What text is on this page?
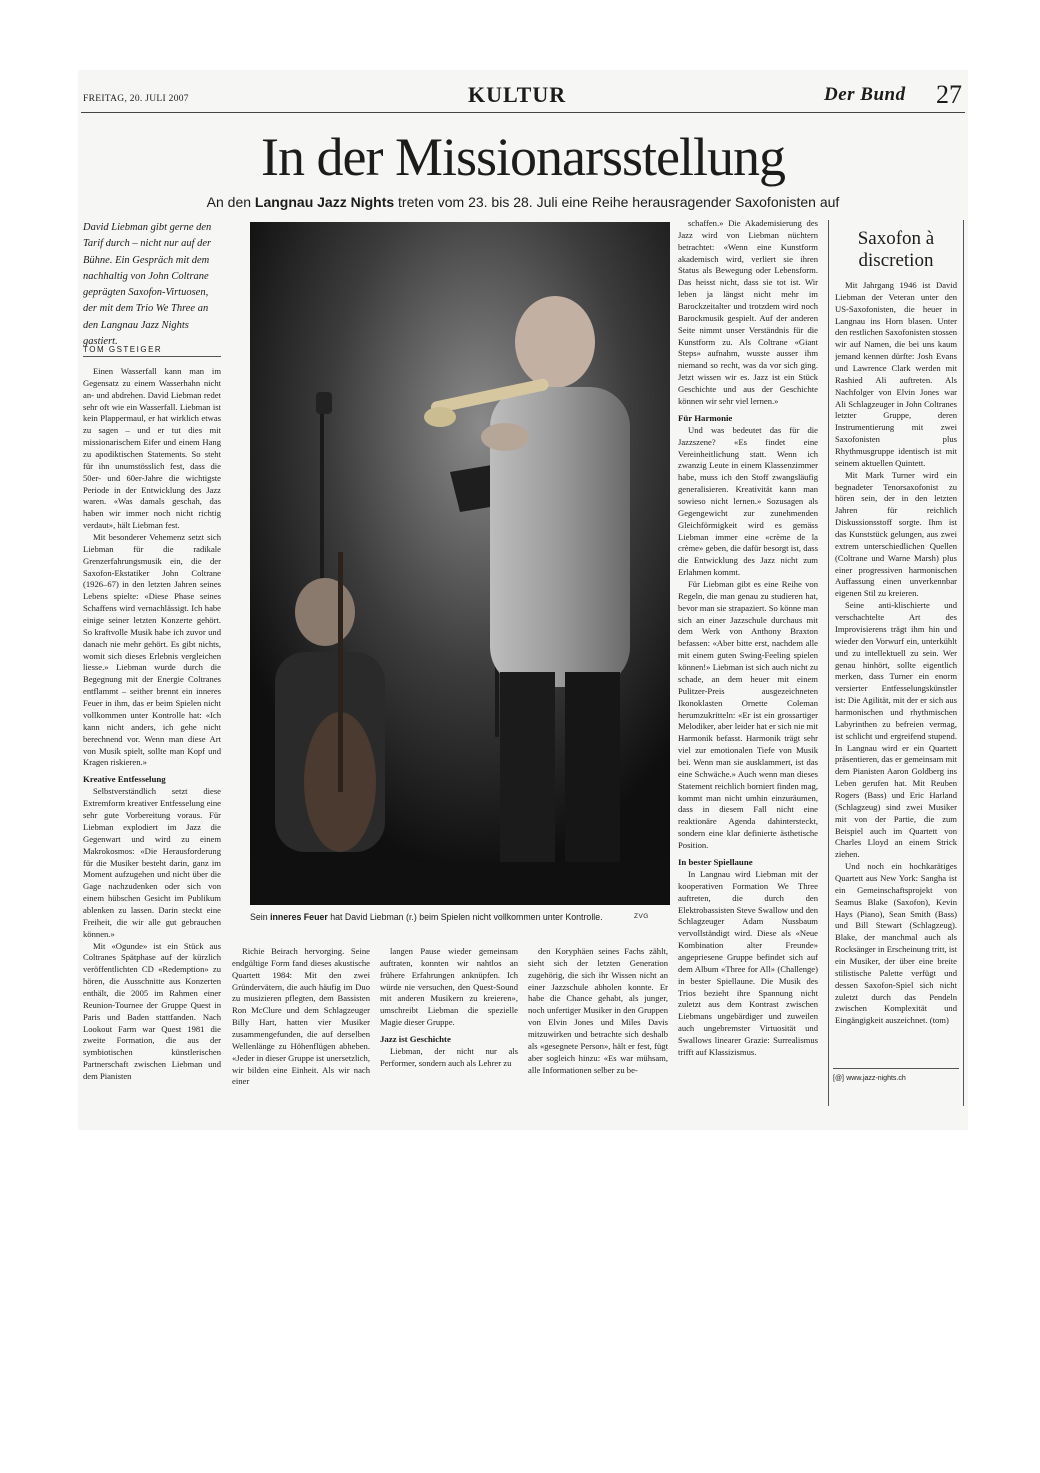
FREITAG, 20. JULI 2007	KULTUR	Der Bund 27
In der Missionarsstellung
An den Langnau Jazz Nights treten vom 23. bis 28. Juli eine Reihe herausragender Saxofonisten auf
David Liebman gibt gerne den Tarif durch – nicht nur auf der Bühne. Ein Gespräch mit dem nachhaltig von John Coltrane geprägten Saxofon-Virtuosen, der mit dem Trio We Three an den Langnau Jazz Nights gastiert.
TOM GSTEIGER

Einen Wasserfall kann man im Gegensatz zu einem Wasserhahn nicht an- und abdrehen. David Liebman redet sehr oft wie ein Wasserfall. Liebman ist kein Plappermaul, er hat wirklich etwas zu sagen – und er tut dies mit missionarischem Eifer und einem Hang zu apodiktischen Statements. So steht für ihn unumstösslich fest, dass die 50er- und 60er-Jahre die wichtigste Periode in der Entwicklung des Jazz waren. «Was damals geschah, das haben wir immer noch nicht richtig verdaut», hält Liebman fest.

Mit besonderer Vehemenz setzt sich Liebman für die radikale Grenzerfahrungsmusik ein, die der Saxofon-Ekstatiker John Coltrane (1926–67) in den letzten Jahren seines Lebens spielte: «Diese Phase seines Schaffens wird vernachlässigt. Ich habe einige seiner letzten Konzerte gehört. So kraftvolle Musik habe ich zuvor und danach nie mehr gehört. Es gibt nichts, womit sich dieses Erlebnis vergleichen liesse.» Liebman wurde durch die Begegnung mit der Energie Coltranes entflammt – seither brennt ein inneres Feuer in ihm, das er beim Spielen nicht vollkommen unter Kontrolle hat: «Ich kann nicht anders, ich gehe nicht berechnend vor. Wenn man diese Art von Musik spielt, sollte man Kopf und Kragen riskieren.»

Kreative Entfesselung

Selbstverständlich setzt diese Extremform kreativer Entfesselung eine sehr gute Vorbereitung voraus. Für Liebman explodiert im Jazz die Gegenwart und wird zu einem Makrokosmos: «Die Herausforderung für die Musiker besteht darin, ganz im Moment aufzugehen und nicht über die Gage nachzudenken oder sich von einem hübschen Gesicht im Publikum ablenken zu lassen. Darin steckt eine Freiheit, die wir alle gut gebrauchen können.»

Mit «Ogunde» ist ein Stück aus Coltranes Spätphase auf der kürzlich veröffentlichten CD «Redemption» zu hören, die Ausschnitte aus Konzerten enthält, die 2005 im Rahmen einer Reunion-Tournee der Gruppe Quest in Paris und Baden stattfanden. Nach Lookout Farm war Quest 1981 die zweite Formation, die aus der symbiotischen künstlerischen Partnerschaft zwischen Liebman und dem Pianisten

Sein inneres Feuer hat David Liebman (r.) beim Spielen nicht vollkommen unter Kontrolle.	ZVG

Richie Beirach hervorging. Seine endgültige Form fand dieses akustische Quartett 1984: Mit den zwei Gründervätern, die auch häufig im Duo zu musizieren pflegten, dem Bassisten Ron McClure und dem Schlagzeuger Billy Hart, hatten vier Musiker zusammengefunden, die auf derselben Wellenlänge zu Höhenflügen abheben. «Jeder in dieser Gruppe ist unersetzlich, wir bilden eine Einheit. Als wir nach einer

langen Pause wieder gemeinsam auftraten, konnten wir nahtlos an frühere Erfahrungen anknüpfen. Ich würde nie versuchen, den Quest-Sound mit anderen Musikern zu kreieren», umschreibt Liebman die spezielle Magie dieser Gruppe.

Jazz ist Geschichte

Liebman, der nicht nur als Performer, sondern auch als Lehrer zu

den Koryphäen seines Fachs zählt, sieht sich der letzten Generation zugehörig, die sich ihr Wissen nicht an einer Jazzschule abholen konnte. Er habe die Chance gehabt, als junger, noch unfertiger Musiker in den Gruppen von Elvin Jones und Miles Davis mitzuwirken und betrachte sich deshalb als «gesegnete Person», hält er fest, fügt aber sogleich hinzu: «Es war mühsam, alle Informationen selber zu be-

schaffen.» Die Akademisierung des Jazz wird von Liebman nüchtern betrachtet: «Wenn eine Kunstform akademisch wird, verliert sie ihren Status als Bewegung oder Lebensform. Das heisst nicht, dass sie tot ist. Wir leben ja längst nicht mehr im Barockzeitalter und trotzdem wird noch Barockmusik gespielt. Auf der anderen Seite nimmt unser Verständnis für die Kunstform zu. Als Coltrane «Giant Steps» aufnahm, wusste ausser ihm niemand so recht, was da vor sich ging. Jetzt wissen wir es. Jazz ist ein Stück Geschichte und aus der Geschichte können wir sehr viel lernen.»

Für Harmonie

Und was bedeutet das für die Jazzszene? «Es findet eine Vereinheitlichung statt. Wenn ich zwanzig Leute in einem Klassenzimmer habe, muss ich den Stoff zwangsläufig generalisieren. Kreativität kann man sowieso nicht lernen.» Sozusagen als Gegengewicht zur zunehmenden Gleichförmigkeit wird es gemäss Liebman immer eine «crème de la crème» geben, die dafür besorgt ist, dass die Entwicklung des Jazz nicht zum Erlahmen kommt.

Für Liebman gibt es eine Reihe von Regeln, die man genau zu studieren hat, bevor man sie strapaziert. So könne man sich an einer Jazzschule durchaus mit dem Werk von Anthony Braxton befassen: «Aber bitte erst, nachdem alle mit einem guten Swing-Feeling spielen können!» Liebman ist sich auch nicht zu schade, an dem heuer mit einem Pulitzer-Preis ausgezeichneten Ikonoklasten Ornette Coleman herumzukritteln: «Er ist ein grossartiger Melodiker, aber leider hat er sich nie mit Harmonik befasst. Harmonik trägt sehr viel zur emotionalen Tiefe von Musik bei. Wenn man sie ausklammert, ist das eine Schwäche.» Auch wenn man dieses Statement reichlich borniert finden mag, kommt man nicht umhin einzuräumen, dass in diesem Fall nicht eine reaktionäre Agenda dahintersteckt, sondern eine klar definierte ästhetische Position.

In bester Spiellaune

In Langnau wird Liebman mit der kooperativen Formation We Three auftreten, die durch den Elektrobassisten Steve Swallow und den Schlagzeuger Adam Nussbaum vervollständigt wird. Diese als «Neue Kombination alter Freunde» angepriesene Gruppe befindet sich auf dem Album «Three for All» (Challenge) in bester Spiellaune. Die Musik des Trios bezieht ihre Spannung nicht zuletzt aus dem Kontrast zwischen Liebmans ungebärdiger und zuweilen auch ungebremster Virtuosität und Swallows linearer Grazie: Surrealismus trifft auf Klassizismus.

Saxofon à discretion

Mit Jahrgang 1946 ist David Liebman der Veteran unter den US-Saxofonisten, die heuer in Langnau ins Horn blasen. Unter den restlichen Saxofonisten stossen wir auf Namen, die bei uns kaum jemand kennen dürfte: Josh Evans und Lawrence Clark werden mit Rashied Ali auftreten. Als Nachfolger von Elvin Jones war Ali Schlagzeuger in John Coltranes letzter Gruppe, deren Instrumentierung mit zwei Saxofonisten plus Rhythmusgruppe identisch ist mit seinem aktuellen Quintett.

Mit Mark Turner wird ein begnadeter Tenorsaxofonist zu hören sein, der in den letzten Jahren für reichlich Diskussionsstoff sorgte. Ihm ist das Kunststück gelungen, aus zwei extrem unterschiedlichen Quellen (Coltrane und Warne Marsh) plus einer progressiven harmonischen Auffassung einen unverkennbar eigenen Stil zu kreieren.

Seine anti-klischierte und verschachtelte Art des Improvisierens trägt ihm hin und wieder den Vorwurf ein, unterkühlt und zu intellektuell zu sein. Wer genau hinhört, sollte eigentlich merken, dass Turner ein enorm versierter Entfesselungskünstler ist: Die Agilität, mit der er sich aus harmonischen und rhythmischen Labyrinthen zu befreien vermag, ist schlicht und ergreifend stupend. In Langnau wird er ein Quartett präsentieren, das er gemeinsam mit dem Pianisten Aaron Goldberg ins Leben gerufen hat. Mit Reuben Rogers (Bass) und Eric Harland (Schlagzeug) sind zwei Musiker mit von der Partie, die zum Beispiel auch im Quartett von Charles Lloyd an einem Strick ziehen.

Und noch ein hochkarätiges Quartett aus New York: Sangha ist ein Gemeinschaftsprojekt von Seamus Blake (Saxofon), Kevin Hays (Piano), Sean Smith (Bass) und Bill Stewart (Schlagzeug). Blake, der manchmal auch als Rocksänger in Erscheinung tritt, ist ein Musiker, der über eine breite stilistische Palette verfügt und dessen Saxofon-Spiel sich nicht zuletzt durch das Pendeln zwischen Komplexität und Eingängigkeit auszeichnet. (tom)

[@] www.jazz-nights.ch
